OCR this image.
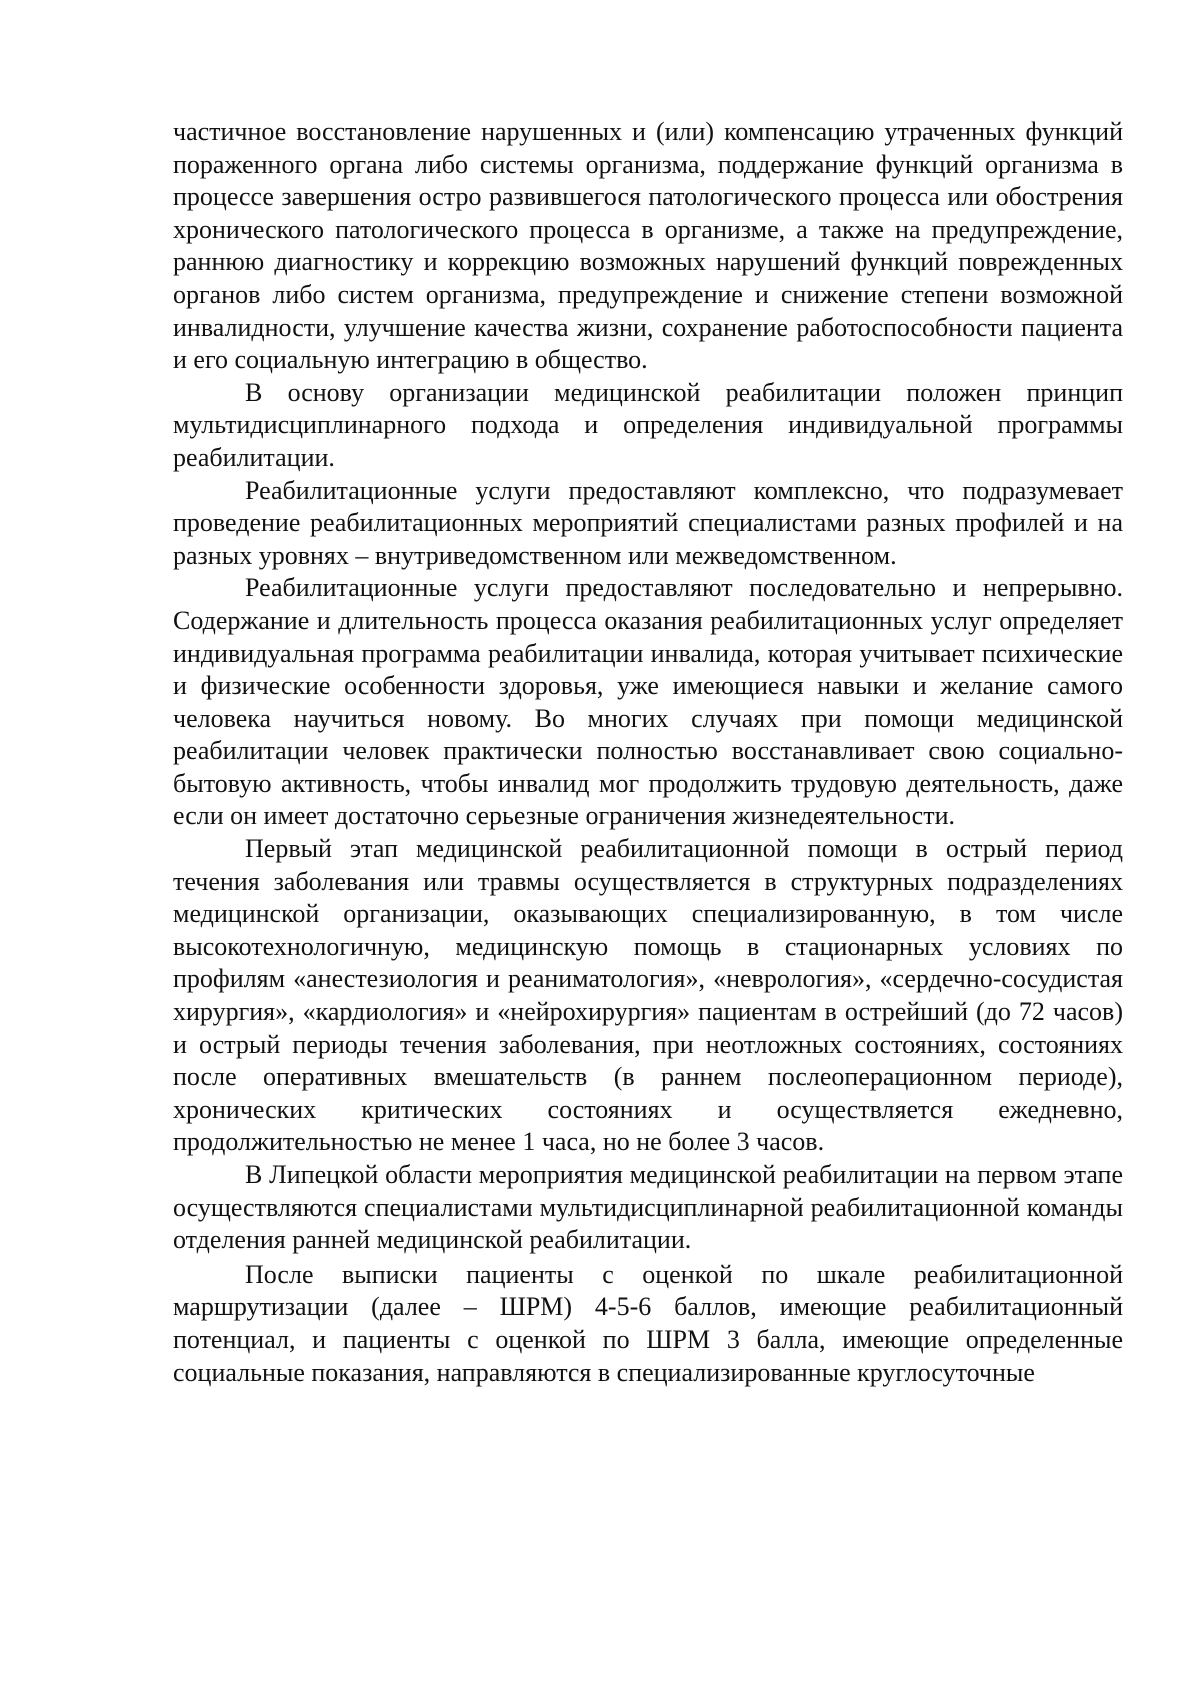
частичное восстановление нарушенных и (или) компенсацию утраченных функций пораженного органа либо системы организма, поддержание функций организма в процессе завершения остро развившегося патологического процесса или обострения хронического патологического процесса в организме, а также на предупреждение, раннюю диагностику и коррекцию возможных нарушений функций поврежденных органов либо систем организма, предупреждение и снижение степени возможной инвалидности, улучшение качества жизни, сохранение работоспособности пациента и его социальную интеграцию в общество.

В основу организации медицинской реабилитации положен принцип мультидисциплинарного подхода и определения индивидуальной программы реабилитации.

Реабилитационные услуги предоставляют комплексно, что подразумевает проведение реабилитационных мероприятий специалистами разных профилей и на разных уровнях – внутриведомственном или межведомственном.

Реабилитационные услуги предоставляют последовательно и непрерывно. Содержание и длительность процесса оказания реабилитационных услуг определяет индивидуальная программа реабилитации инвалида, которая учитывает психические и физические особенности здоровья, уже имеющиеся навыки и желание самого человека научиться новому. Во многих случаях при помощи медицинской реабилитации человек практически полностью восстанавливает свою социально-бытовую активность, чтобы инвалид мог продолжить трудовую деятельность, даже если он имеет достаточно серьезные ограничения жизнедеятельности.

Первый этап медицинской реабилитационной помощи в острый период течения заболевания или травмы осуществляется в структурных подразделениях медицинской организации, оказывающих специализированную, в том числе высокотехнологичную, медицинскую помощь в стационарных условиях по профилям «анестезиология и реаниматология», «неврология», «сердечно-сосудистая хирургия», «кардиология» и «нейрохирургия» пациентам в острейший (до 72 часов) и острый периоды течения заболевания, при неотложных состояниях, состояниях после оперативных вмешательств (в раннем послеоперационном периоде), хронических критических состояниях и осуществляется ежедневно, продолжительностью не менее 1 часа, но не более 3 часов.

В Липецкой области мероприятия медицинской реабилитации на первом этапе осуществляются специалистами мультидисциплинарной реабилитационной команды отделения ранней медицинской реабилитации.

После выписки пациенты с оценкой по шкале реабилитационной маршрутизации (далее – ШРМ) 4-5-6 баллов, имеющие реабилитационный потенциал, и пациенты с оценкой по ШРМ 3 балла, имеющие определенные социальные показания, направляются в специализированные круглосуточные
